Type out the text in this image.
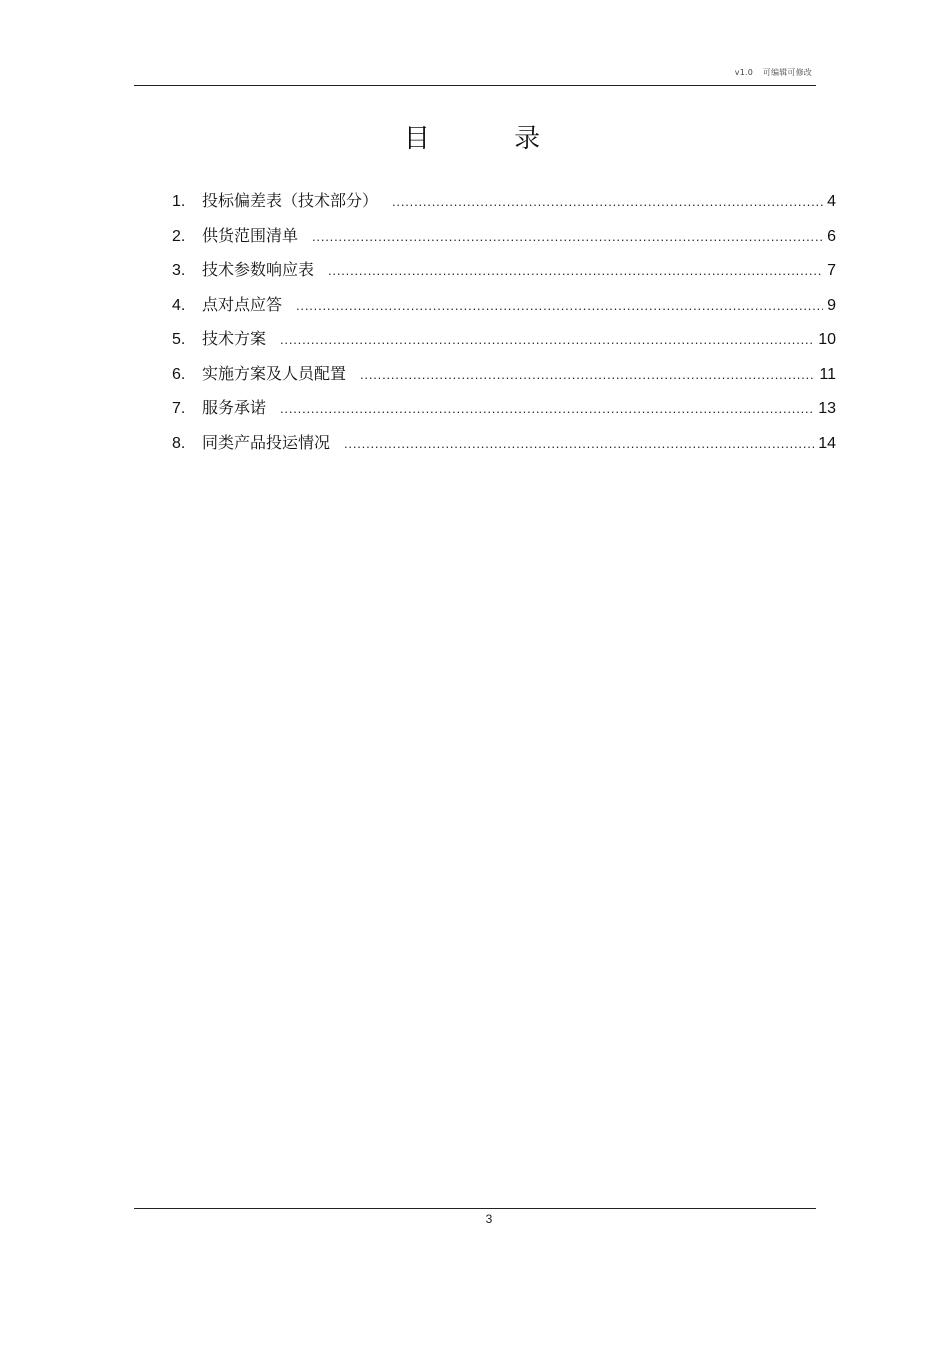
v1.0 可编辑可修改
目 录
1.	投标偏差表（技术部分） .....	4
2.	供货范围清单 .....	6
3.	技术参数响应表 .....	7
4.	点对点应答 .....	9
5.	技术方案 .....	10
6.	实施方案及人员配置 .....	11
7.	服务承诺 .....	13
8.	同类产品投运情况 .....	14
3
